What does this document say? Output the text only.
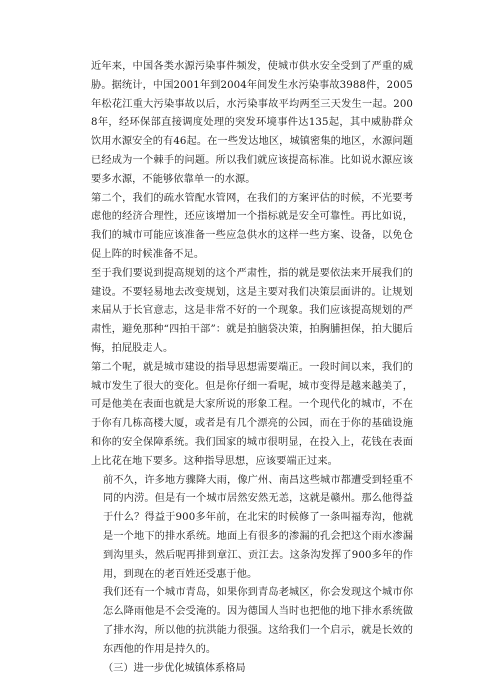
近年来，中国各类水源污染事件频发，使城市供水安全受到了严重的威胁。据统计，中国2001年到2004年间发生水污染事故3988件，2005年松花江重大污染事故以后，水污染事故平均两至三天发生一起。2008年，经环保部直接调度处理的突发环境事件达135起，其中威胁群众饮用水源安全的有46起。在一些发达地区，城镇密集的地区，水源问题已经成为一个棘手的问题。所以我们就应该提高标准。比如说水源应该要多水源，不能够依靠单一的水源。

第二个，我们的疏水管配水管网，在我们的方案评估的时候，不光要考虑他的经济合理性，还应该增加一个指标就是安全可靠性。再比如说，我们的城市可能应该准备一些应急供水的这样一些方案、设备，以免仓促上阵的时候准备不足。

至于我们要说到提高规划的这个严肃性，指的就是要依法来开展我们的建设。不要轻易地去改变规划，这是主要对我们决策层面讲的。让规划来届从于长官意志，这是非常不好的一个现象。我们应该提高规划的严肃性，避免那种“四拍干部”：就是拍脑袋决策，拍胸脯担保，拍大腿后悔，拍屁股走人。

第二个呢，就是城市建设的指导思想需要端正。一段时间以来，我们的城市发生了很大的变化。但是你仔细一看呢，城市变得是越来越美了，可是他美在表面也就是大家所说的形象工程。一个现代化的城市，不在于你有几栋高楼大厦，或者是有几个漂亮的公园，而在于你的基础设施和你的安全保障系统。我们国家的城市很明显，在投入上，花钱在表面上比花在地下要多。这种指导思想，应该要端正过来。

前不久，许多地方骤降大雨，像广州、南昌这些城市都遭受到轻重不同的内涝。但是有一个城市居然安然无恙，这就是赣州。那么他得益于什么？得益于900多年前，在北宋的时候修了一条叫福寿沟，他就是一个地下的排水系统。地面上有很多的渗漏的孔会把这个雨水渗漏到沟里头，然后呢再排到章江、贡江去。这条沟发挥了900多年的作用，到现在的老百姓还受惠于他。

我们还有一个城市青岛，如果你到青岛老城区，你会发现这个城市你怎么降雨他是不会受淹的。因为德国人当时也把他的地下排水系统做了排水沟，所以他的抗洪能力很强。这给我们一个启示，就是长效的东西他的作用是持久的。

（三）进一步优化城镇体系格局
